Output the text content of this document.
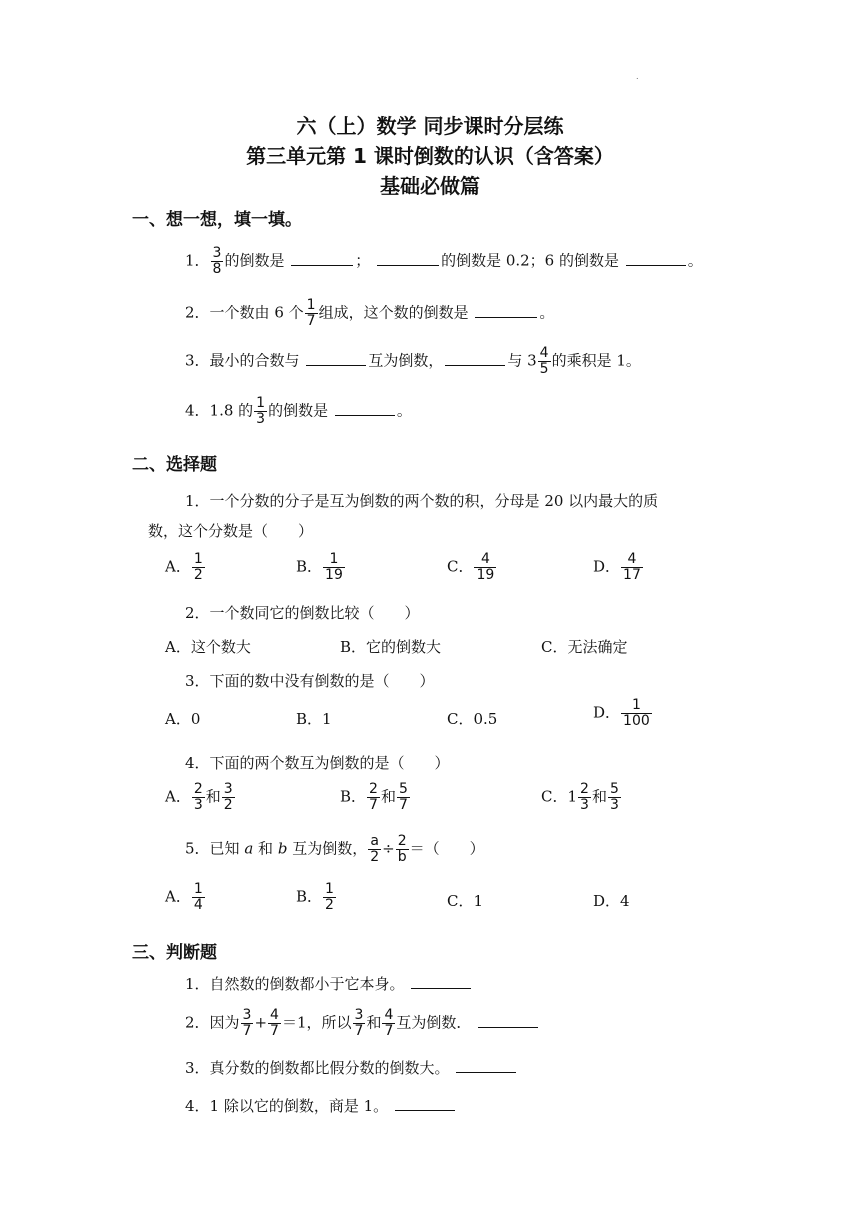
.
六（上）数学 同步课时分层练
第三单元第 1 课时倒数的认识（含答案）
基础必做篇
一、想一想，填一填。
1． $\frac{3}{8}$ 的倒数是	；	的倒数是 0.2；6 的倒数是	。
2．一个数由 6 个 $\frac{1}{7}$ 组成，这个数的倒数是	。
3．最小的合数与	互为倒数，	与 $3 \frac{4}{5}$ 的乘积是 1。
4．1.8 的 $\frac{1}{3}$ 的倒数是	。
二、选择题
1．一个分数的分子是互为倒数的两个数的积，分母是 20 以内最大的质
数，这个分数是（　　）
A． $\frac{1}{2}$	B． $\frac{1}{19}$	C． $\frac{4}{19}$	D． $\frac{4}{17}$
2．一个数同它的倒数比较（　　）
A．这个数大	B．它的倒数大	C．无法确定
3．下面的数中没有倒数的是（　　）
A．0	B．1	C．0.5	D． $\frac{1}{100}$
4．下面的两个数互为倒数的是（　　）
A． $\frac{2}{3}$ 和 $\frac{3}{2}$	B． $\frac{2}{7}$ 和 $\frac{5}{7}$	C．$1 \frac{2}{3}$ 和 $\frac{5}{3}$
5．已知 a 和 b 互为倒数， $\frac{a}{2} \div \frac{2}{b}$ ＝（　　）
A． $\frac{1}{4}$	B． $\frac{1}{2}$	C．1	D．4
三、判断题
1．自然数的倒数都小于它本身。
2．因为 $\frac{3}{7} + \frac{4}{7} =1$，所以 $\frac{3}{7}$ 和 $\frac{4}{7}$ 互为倒数．
3．真分数的倒数都比假分数的倒数大。
4．1 除以它的倒数，商是 1。
